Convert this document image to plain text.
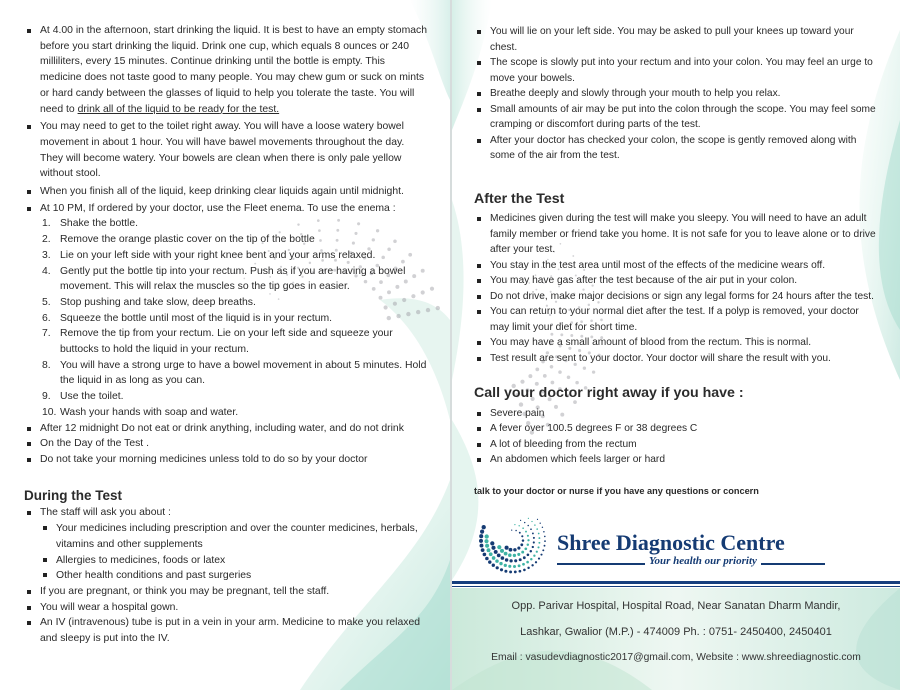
At 4.00 in the afternoon, start drinking the liquid. It is best to have an empty stomach before you start drinking the liquid. Drink one cup, which equals 8 ounces or 240 milliliters, every 15 minutes. Continue drinking until the bottle is empty. This medicine does not taste good to many people. You may chew gum or suck on mints or hard candy between the glasses of liquid to help you tolerate the taste. You will need to drink all of the liquid to be ready for the test.
You may need to get to the toilet right away. You will have a loose watery bowel movement in about 1 hour. You will have bawel movements throughout the day. They will become watery. Your bowels are clean when there is only pale yellow without stool.
When you finish all of the liquid, keep drinking clear liquids again until midnight.
At 10 PM, If ordered by your doctor, use the Fleet enema. To use the enema :
1. Shake the bottle.
2. Remove the orange plastic cover on the tip of the bottle
3. Lie on your left side with your right knee bent and your arms relaxed.
4. Gently put the bottle tip into your rectum. Push as if you are having a bowel movement. This will relax the muscles so the tip goes in easier.
5. Stop pushing and take slow, deep breaths.
6. Squeeze the bottle until most of the liquid is in your rectum.
7. Remove the tip from your rectum. Lie on your left side and squeeze your buttocks to hold the liquid in your rectum.
8. You will have a strong urge to have a bowel movement in about 5 minutes. Hold the liquid in as long as you can.
9. Use the toilet.
10. Wash your hands with soap and water.
After 12 midnight Do not eat or drink anything, including water, and do not drink
On the Day of the Test .
Do not take your morning medicines unless told to do so by your doctor
During the Test
The staff will ask you about :
Your medicines including prescription and over the counter medicines, herbals, vitamins and other supplements
Allergies to medicines, foods or latex
Other health conditions and past surgeries
If you are pregnant, or think you may be pregnant, tell the staff.
You will wear a hospital gown.
An IV (intravenous) tube is put in a vein in your arm. Medicine to make you relaxed and sleepy is put into the IV.
You will lie on your left side. You may be asked to pull your knees up toward your chest.
The scope is slowly put into your rectum and into your colon. You may feel an urge to move your bowels.
Breathe deeply and slowly through your mouth to help you relax.
Small amounts of air may be put into the colon through the scope. You may feel some cramping or discomfort during parts of the test.
After your doctor has checked your colon, the scope is gently removed along with some of the air from the test.
After the Test
Medicines given during the test will make you sleepy. You will need to have an adult family member or friend take you home. It is not safe for you to leave alone or to drive after your test.
You stay in the test area until most of the effects of the medicine wears off.
You may have gas after the test because of the air put in your colon.
Do not drive, make major decisions or sign any legal forms for 24 hours after the test.
You can return to your normal diet after the test. If a polyp is removed, your doctor may limit your diet for short time.
You may have a small amount of blood from the rectum. This is normal.
Test result are sent to your doctor. Your doctor will share the result with you.
Call your doctor right away if you have :
Severe pain
A fever over 100.5 degrees F or 38 degrees C
A lot of bleeding from the rectum
An abdomen which feels larger or hard
talk to your doctor or nurse if you have any questions or concern
Shree Diagnostic Centre
Your health our priority
Opp. Parivar Hospital, Hospital Road, Near Sanatan Dharm Mandir,
Lashkar, Gwalior (M.P.) - 474009 Ph. : 0751- 2450400, 2450401
Email : vasudevdiagnostic2017@gmail.com, Website : www.shreediagnostic.com
